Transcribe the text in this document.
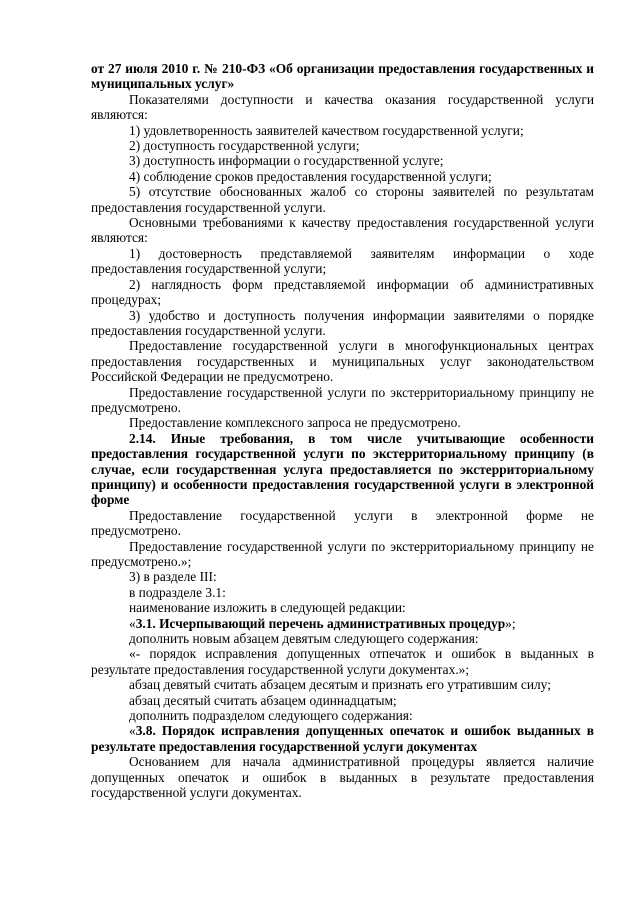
от 27 июля 2010 г. № 210-ФЗ «Об организации предоставления государственных и муниципальных услуг»

Показателями доступности и качества оказания государственной услуги являются:

1) удовлетворенность заявителей качеством государственной услуги;

2) доступность государственной услуги;

3) доступность информации о государственной услуге;

4) соблюдение сроков предоставления государственной услуги;

5) отсутствие обоснованных жалоб со стороны заявителей по результатам предоставления государственной услуги.

Основными требованиями к качеству предоставления государственной услуги являются:

1) достоверность представляемой заявителям информации о ходе предоставления государственной услуги;

2) наглядность форм представляемой информации об административных процедурах;

3) удобство и доступность получения информации заявителями о порядке предоставления государственной услуги.

Предоставление государственной услуги в многофункциональных центрах предоставления государственных и муниципальных услуг законодательством Российской Федерации не предусмотрено.

Предоставление государственной услуги по экстерриториальному принципу не предусмотрено.

Предоставление комплексного запроса не предусмотрено.

2.14. Иные требования, в том числе учитывающие особенности предоставления государственной услуги по экстерриториальному принципу (в случае, если государственная услуга предоставляется по экстерриториальному принципу) и особенности предоставления государственной услуги в электронной форме

Предоставление государственной услуги в электронной форме не предусмотрено.

Предоставление государственной услуги по экстерриториальному принципу не предусмотрено.»;

3) в разделе III:

в подразделе 3.1:

наименование изложить в следующей редакции:

«3.1. Исчерпывающий перечень административных процедур»;

дополнить новым абзацем девятым следующего содержания:

«- порядок исправления допущенных отпечаток и ошибок в выданных в результате предоставления государственной услуги документах.»;

абзац девятый считать абзацем десятым и признать его утратившим силу;

абзац десятый считать абзацем одиннадцатым;

дополнить подразделом следующего содержания:

«3.8. Порядок исправления допущенных опечаток и ошибок выданных в результате предоставления государственной услуги документах

Основанием для начала административной процедуры является наличие допущенных опечаток и ошибок в выданных в результате предоставления государственной услуги документах.
